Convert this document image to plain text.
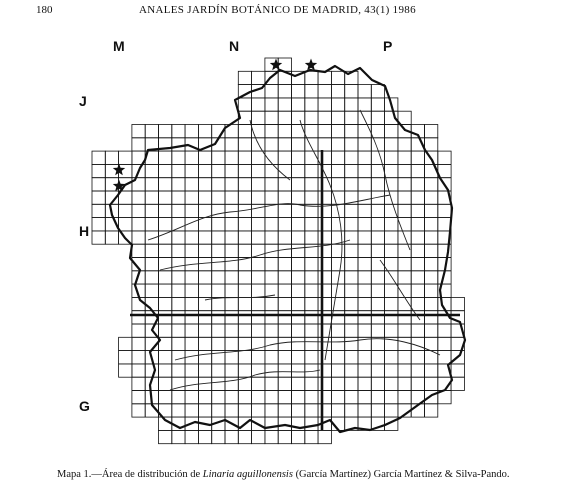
180	ANALES JARDÍN BOTÁNICO DE MADRID, 43(1) 1986
M	N	P
J
H
G
Mapa 1.—Área de distribución de Linaria aguillonensis (García Martínez) García Martínez & Silva-Pando.
